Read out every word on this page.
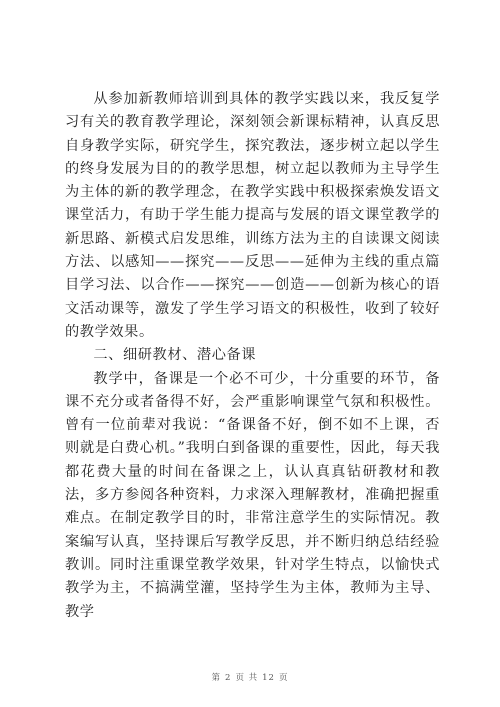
从参加新教师培训到具体的教学实践以来，我反复学习有关的教育教学理论，深刻领会新课标精神，认真反思自身教学实际，研究学生，探究教法，逐步树立起以学生的终身发展为目的的教学思想，树立起以教师为主导学生为主体的新的教学理念，在教学实践中积极探索焕发语文课堂活力，有助于学生能力提高与发展的语文课堂教学的新思路、新模式启发思维，训练方法为主的自读课文阅读方法、以感知——探究——反思——延伸为主线的重点篇目学习法、以合作——探究——创造——创新为核心的语文活动课等，激发了学生学习语文的积极性，收到了较好的教学效果。

二、细研教材、潜心备课

教学中，备课是一个必不可少，十分重要的环节，备课不充分或者备得不好，会严重影响课堂气氛和积极性。曾有一位前辈对我说：“备课备不好，倒不如不上课，否则就是白费心机。”我明白到备课的重要性，因此，每天我都花费大量的时间在备课之上，认认真真钻研教材和教法，多方参阅各种资料，力求深入理解教材，准确把握重难点。在制定教学目的时，非常注意学生的实际情况。教案编写认真，坚持课后写教学反思，并不断归纳总结经验教训。同时注重课堂教学效果，针对学生特点，以愉快式教学为主，不搞满堂灌，坚持学生为主体，教师为主导、教学

第 2 页 共 12 页
